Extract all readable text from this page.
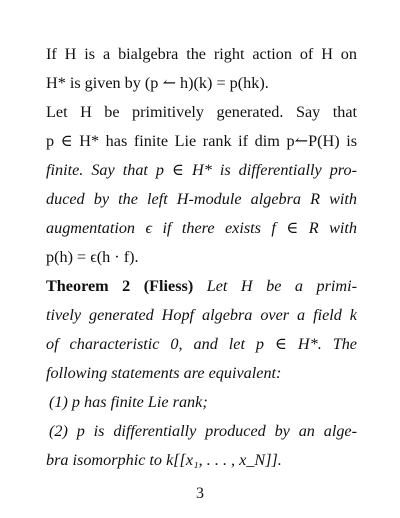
If H is a bialgebra the right action of H on
H* is given by (p ↼ h)(k) = p(hk).
Let H be primitively generated. Say that
p ∈ H* has finite Lie rank if dim p↼P(H) is
finite. Say that p ∈ H* is differentially pro-
duced by the left H-module algebra R with
augmentation ϵ if there exists f ∈ R with
p(h) = ϵ(h · f).
Theorem 2 (Fliess) Let H be a primi-
tively generated Hopf algebra over a field k
of characteristic 0, and let p ∈ H*. The
following statements are equivalent:
(1) p has finite Lie rank;
(2) p is differentially produced by an alge-
bra isomorphic to k[[x₁, . . . , x_N]].
3
